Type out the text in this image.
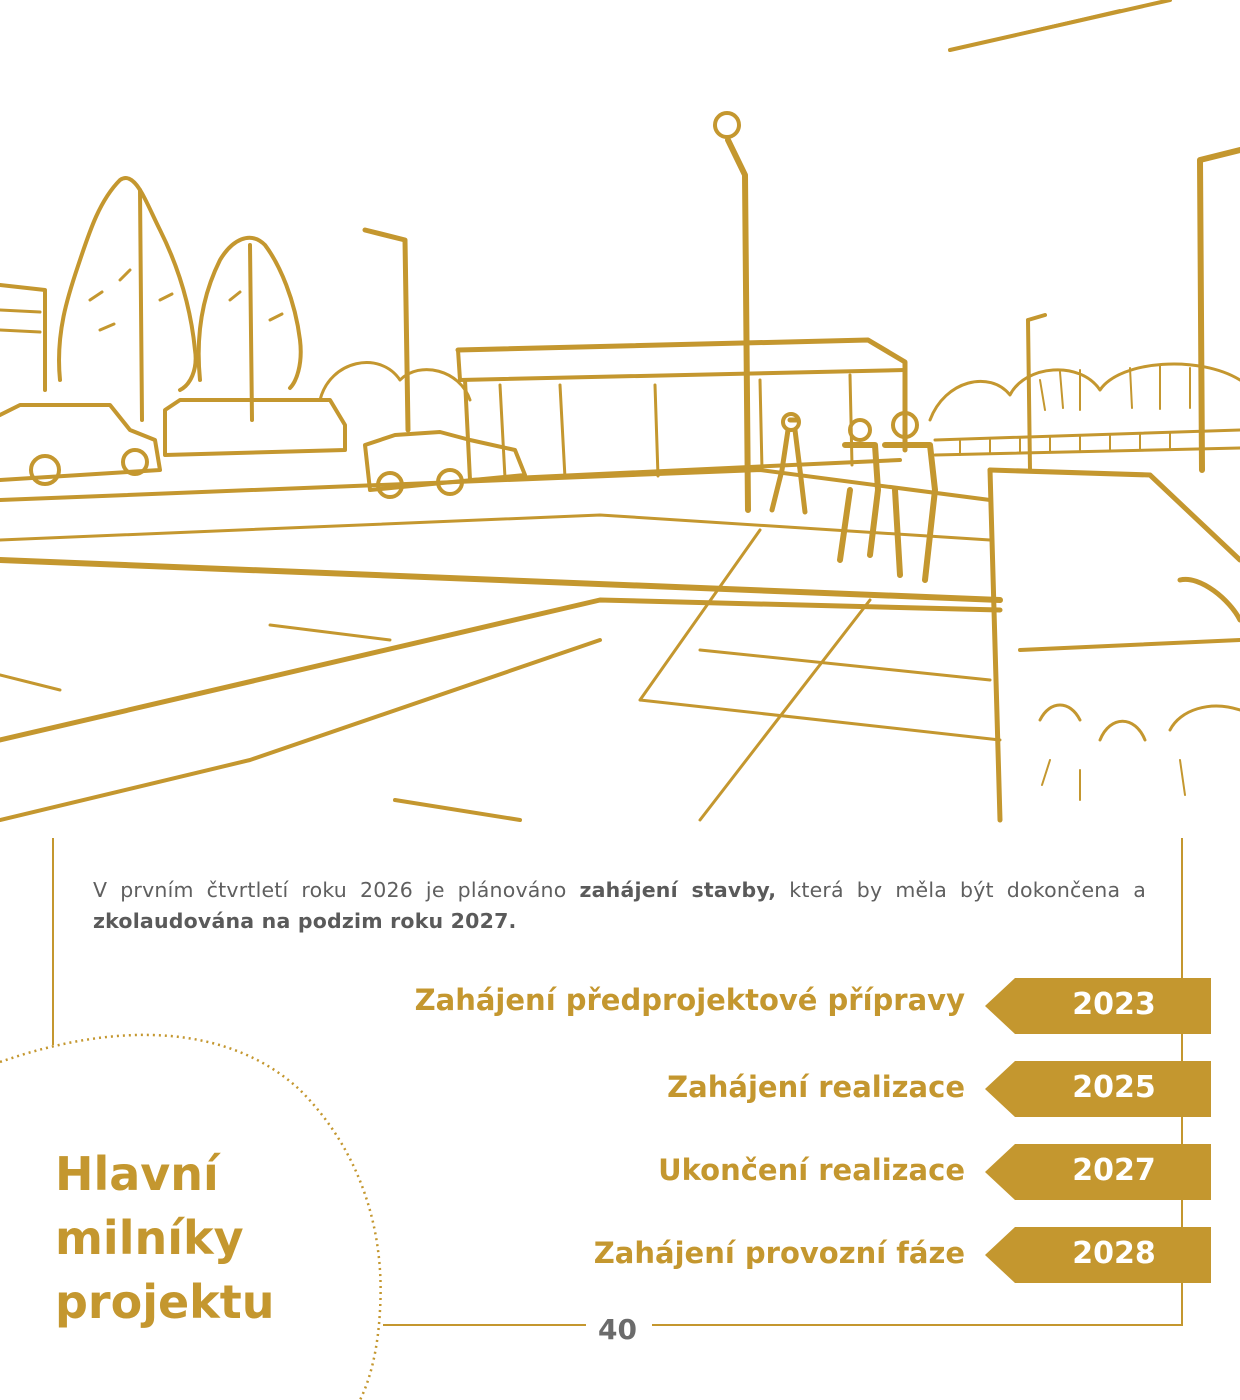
V prvním čtvrtletí roku 2026 je plánováno zahájení stavby, která by měla být dokončena a zkolaudována na podzim roku 2027.
Zahájení předprojektové přípravy	2023
Zahájení realizace	2025
Ukončení realizace	2027
Zahájení provozní fáze	2028
Hlavní
milníky
projektu
40
